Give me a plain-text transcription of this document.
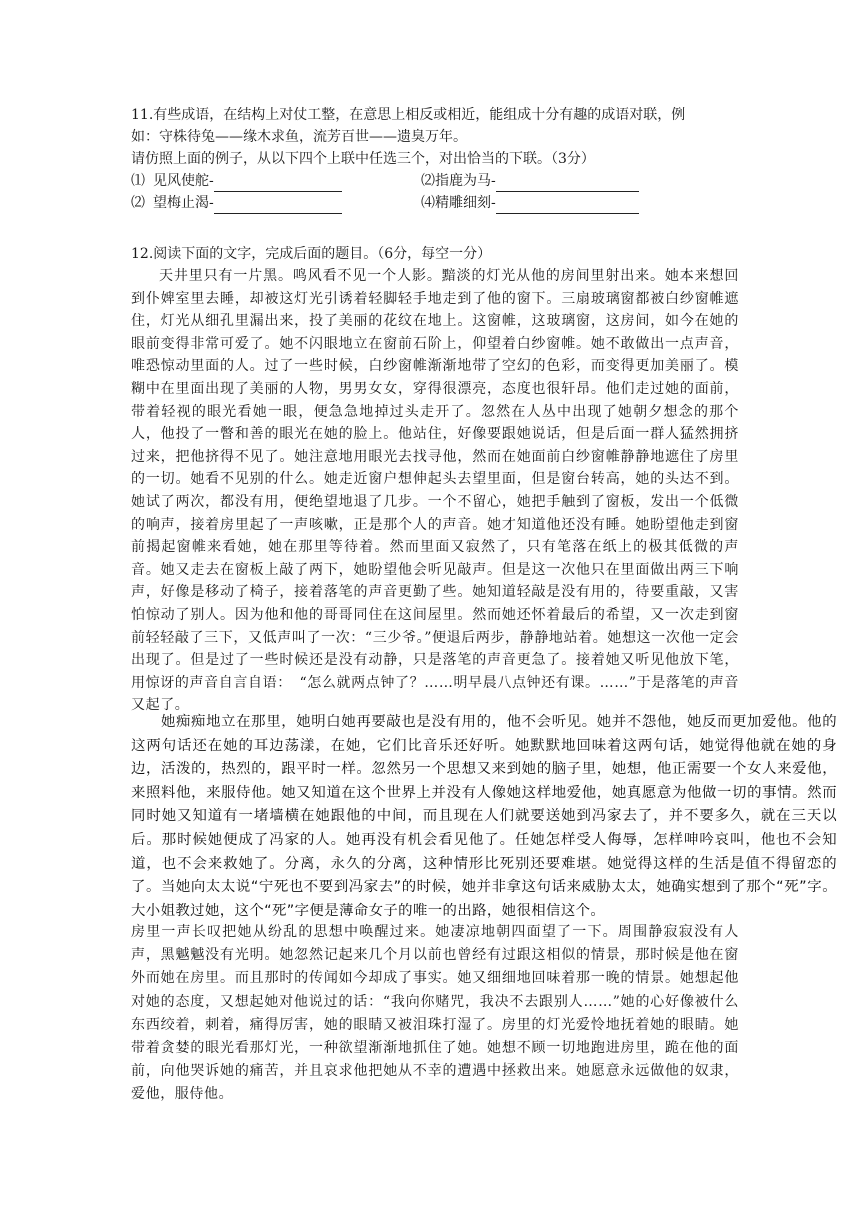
11.有些成语，在结构上对仗工整，在意思上相反或相近，能组成十分有趣的成语对联，例

如：守株待兔——缘木求鱼，流芳百世——遗臭万年。

请仿照上面的例子，从以下四个上联中任选三个，对出恰当的下联。（3分）

⑴ 见风使舵-	⑵指鹿为马-
⑵ 望梅止渴-	⑷精雕细刻-

12.阅读下面的文字，完成后面的题目。（6分，每空一分）

天井里只有一片黑。鸣风看不见一个人影。黯淡的灯光从他的房间里射出来。她本来想回到仆婢室里去睡，却被这灯光引诱着轻脚轻手地走到了他的窗下。三扇玻璃窗都被白纱窗帷遮住，灯光从细孔里漏出来，投了美丽的花纹在地上。这窗帷，这玻璃窗，这房间，如今在她的眼前变得非常可爱了。她不闪眼地立在窗前石阶上，仰望着白纱窗帷。她不敢做出一点声音，唯恐惊动里面的人。过了一些时候，白纱窗帷渐渐地带了空幻的色彩，而变得更加美丽了。模糊中在里面出现了美丽的人物，男男女女，穿得很漂亮，态度也很轩昂。他们走过她的面前，带着轻视的眼光看她一眼，便急急地掉过头走开了。忽然在人丛中出现了她朝夕想念的那个人，他投了一瞥和善的眼光在她的脸上。他站住，好像要跟她说话，但是后面一群人猛然拥挤过来，把他挤得不见了。她注意地用眼光去找寻他，然而在她面前白纱窗帷静静地遮住了房里的一切。她看不见别的什么。她走近窗户想伸起头去望里面，但是窗台转高，她的头达不到。她试了两次，都没有用，便绝望地退了几步。一个不留心，她把手触到了窗板，发出一个低微的响声，接着房里起了一声咳嗽，正是那个人的声音。她才知道他还没有睡。她盼望他走到窗前揭起窗帷来看她，她在那里等待着。然而里面又寂然了，只有笔落在纸上的极其低微的声音。她又走去在窗板上敲了两下，她盼望他会听见敲声。但是这一次他只在里面做出两三下响声，好像是移动了椅子，接着落笔的声音更勤了些。她知道轻敲是没有用的，待要重敲，又害怕惊动了别人。因为他和他的哥哥同住在这间屋里。然而她还怀着最后的希望，又一次走到窗前轻轻敲了三下，又低声叫了一次：“三少爷。”便退后两步，静静地站着。她想这一次他一定会出现了。但是过了一些时候还是没有动静，只是落笔的声音更急了。接着她又听见他放下笔，用惊讶的声音自言自语：　“怎么就两点钟了？……明早晨八点钟还有课。……”于是落笔的声音又起了。

她痴痴地立在那里，她明白她再要敲也是没有用的，他不会听见。她并不怨他，她反而更加爱他。他的这两句话还在她的耳边荡漾，在她，它们比音乐还好听。她默默地回味着这两句话，她觉得他就在她的身边，活泼的，热烈的，跟平时一样。忽然另一个思想又来到她的脑子里，她想，他正需要一个女人来爱他，来照料他，来服侍他。她又知道在这个世界上并没有人像她这样地爱他，她真愿意为他做一切的事情。然而同时她又知道有一堵墙横在她跟他的中间，而且现在人们就要送她到冯家去了，并不要多久，就在三天以后。那时候她便成了冯家的人。她再没有机会看见他了。任她怎样受人侮辱，怎样呻吟哀叫，他也不会知道，也不会来救她了。分离，永久的分离，这种情形比死别还要难堪。她觉得这样的生活是值不得留恋的了。当她向太太说“宁死也不要到冯家去”的时候，她并非拿这句话来威胁太太，她确实想到了那个“死”字。大小姐教过她，这个“死”字便是薄命女子的唯一的出路，她很相信这个。

房里一声长叹把她从纷乱的思想中唤醒过来。她凄凉地朝四面望了一下。周围静寂寂没有人声，黑魆魆没有光明。她忽然记起来几个月以前也曾经有过跟这相似的情景，那时候是他在窗外而她在房里。而且那时的传闻如今却成了事实。她又细细地回味着那一晚的情景。她想起他对她的态度，又想起她对他说过的话：“我向你赌咒，我决不去跟别人……”她的心好像被什么东西绞着，刺着，痛得厉害，她的眼睛又被泪珠打湿了。房里的灯光爱怜地抚着她的眼睛。她带着贪婪的眼光看那灯光，一种欲望渐渐地抓住了她。她想不顾一切地跑进房里，跪在他的面前，向他哭诉她的痛苦，并且哀求他把她从不幸的遭遇中拯救出来。她愿意永远做他的奴隶，爱他，服侍他。
